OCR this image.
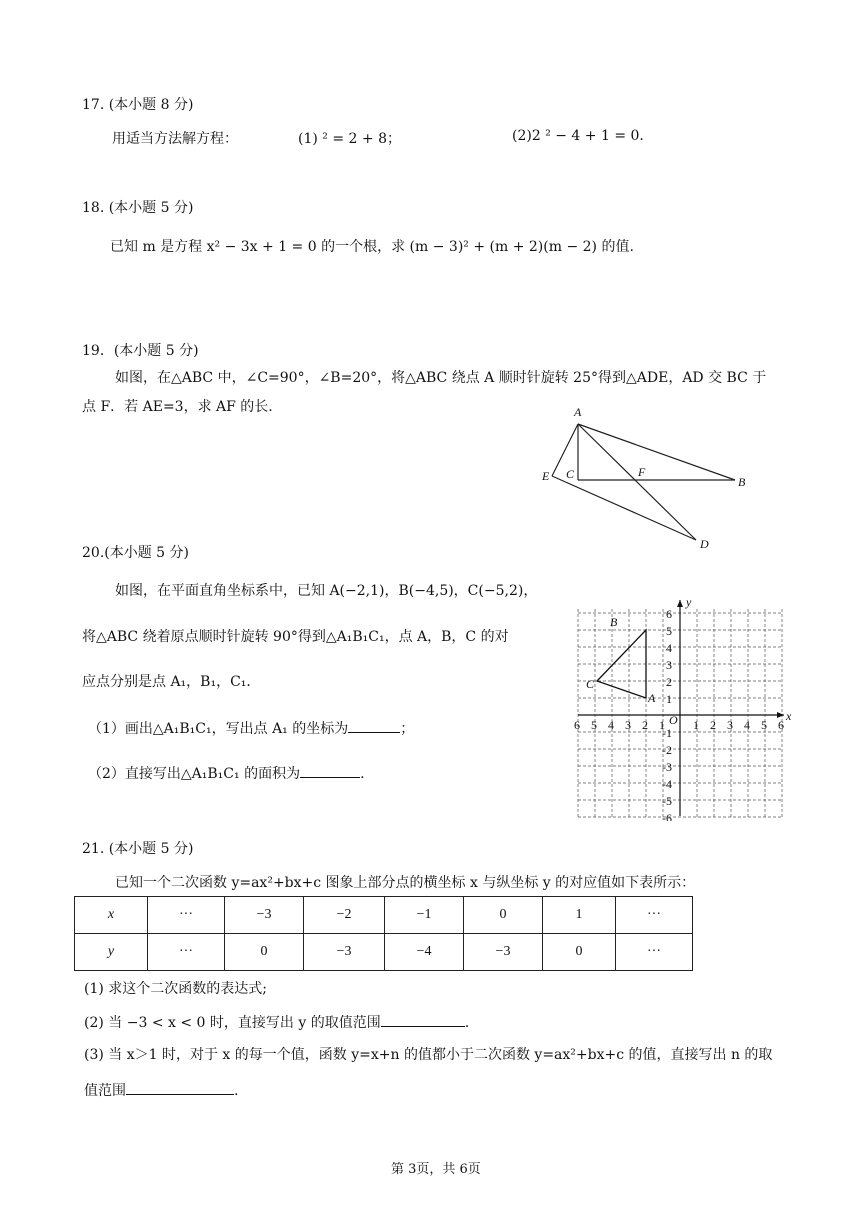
17. (本小题 8 分)
用适当方法解方程：	(1) ² = 2 + 8；	(2)2 ² − 4 + 1 = 0.
18. (本小题 5 分)
已知 m 是方程 x² − 3x + 1 = 0 的一个根，求 (m − 3)² + (m + 2)(m − 2) 的值.
19．(本小题 5 分)
如图，在△ABC 中，∠C=90°，∠B=20°，将△ABC 绕点 A 顺时针旋转 25°得到△ADE，AD 交 BC 于
点 F．若 AE=3，求 AF 的长.	A
B
C
D
E	F
20.(本小题 5 分)
如图，在平面直角坐标系中，已知 A(−2,1)，B(−4,5)，C(−5,2)，
将△ABC 绕着原点顺时针旋转 90°得到△A₁B₁C₁，点 A，B，C 的对
应点分别是点 A₁，B₁，C₁．
（1）画出△A₁B₁C₁，写出点 A₁ 的坐标为	；
（2）直接写出△A₁B₁C₁ 的面积为	.
6 5 4 3 2 1 1 2 3 4 5 6
6
5
4
3
2
1
-1
-2
-3
-4
-5
-6
x
y
O
A
B
C
21. (本小题 5 分)
已知一个二次函数 y=ax²+bx+c 图象上部分点的横坐标 x 与纵坐标 y 的对应值如下表所示：
x	···	−3	−2	−1	0	1	···
y	···	0	−3	−4	−3	0	···
(1) 求这个二次函数的表达式;
(2) 当 −3 < x < 0 时，直接写出 y 的取值范围	.
(3) 当 x＞1 时，对于 x 的每一个值，函数 y=x+n 的值都小于二次函数 y=ax²+bx+c 的值，直接写出 n 的取
值范围	.
第 3页，共 6页
